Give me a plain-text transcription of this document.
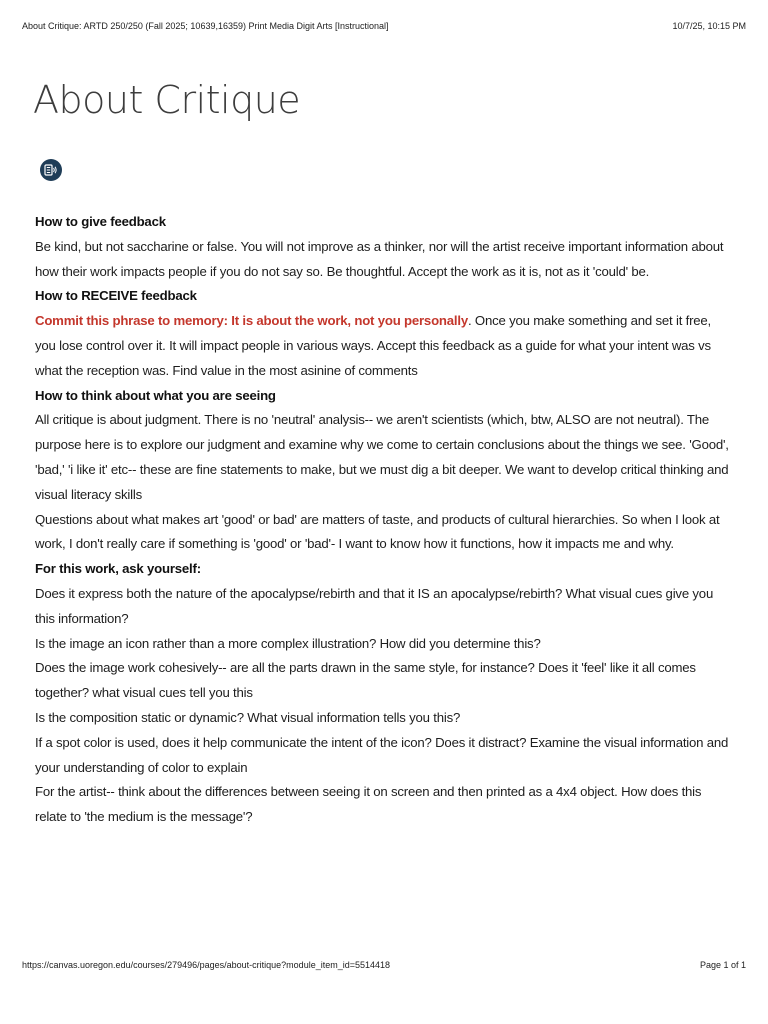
About Critique: ARTD 250/250 (Fall 2025; 10639,16359) Print Media Digit Arts [Instructional]	10/7/25, 10:15 PM
About Critique

How to give feedback

Be kind, but not saccharine or false. You will not improve as a thinker, nor will the artist receive important information about how their work impacts people if you do not say so. Be thoughtful. Accept the work as it is, not as it 'could' be.

How to RECEIVE feedback

Commit this phrase to memory: It is about the work, not you personally. Once you make something and set it free, you lose control over it. It will impact people in various ways. Accept this feedback as a guide for what your intent was vs what the reception was. Find value in the most asinine of comments

How to think about what you are seeing

All critique is about judgment. There is no 'neutral' analysis-- we aren't scientists (which, btw, ALSO are not neutral). The purpose here is to explore our judgment and examine why we come to certain conclusions about the things we see. 'Good', 'bad,' 'i like it' etc-- these are fine statements to make, but we must dig a bit deeper. We want to develop critical thinking and visual literacy skills

Questions about what makes art 'good' or bad' are matters of taste, and products of cultural hierarchies. So when I look at work, I don't really care if something is 'good' or 'bad'- I want to know how it functions, how it impacts me and why.

For this work, ask yourself:

Does it express both the nature of the apocalypse/rebirth and that it IS an apocalypse/rebirth? What visual cues give you this information?

Is the image an icon rather than a more complex illustration? How did you determine this?

Does the image work cohesively-- are all the parts drawn in the same style, for instance? Does it 'feel' like it all comes together? what visual cues tell you this

Is the composition static or dynamic? What visual information tells you this?

If a spot color is used, does it help communicate the intent of the icon? Does it distract? Examine the visual information and your understanding of color to explain

For the artist-- think about the differences between seeing it on screen and then printed as a 4x4 object. How does this relate to 'the medium is the message'?

https://canvas.uoregon.edu/courses/279496/pages/about-critique?module_item_id=5514418	Page 1 of 1
